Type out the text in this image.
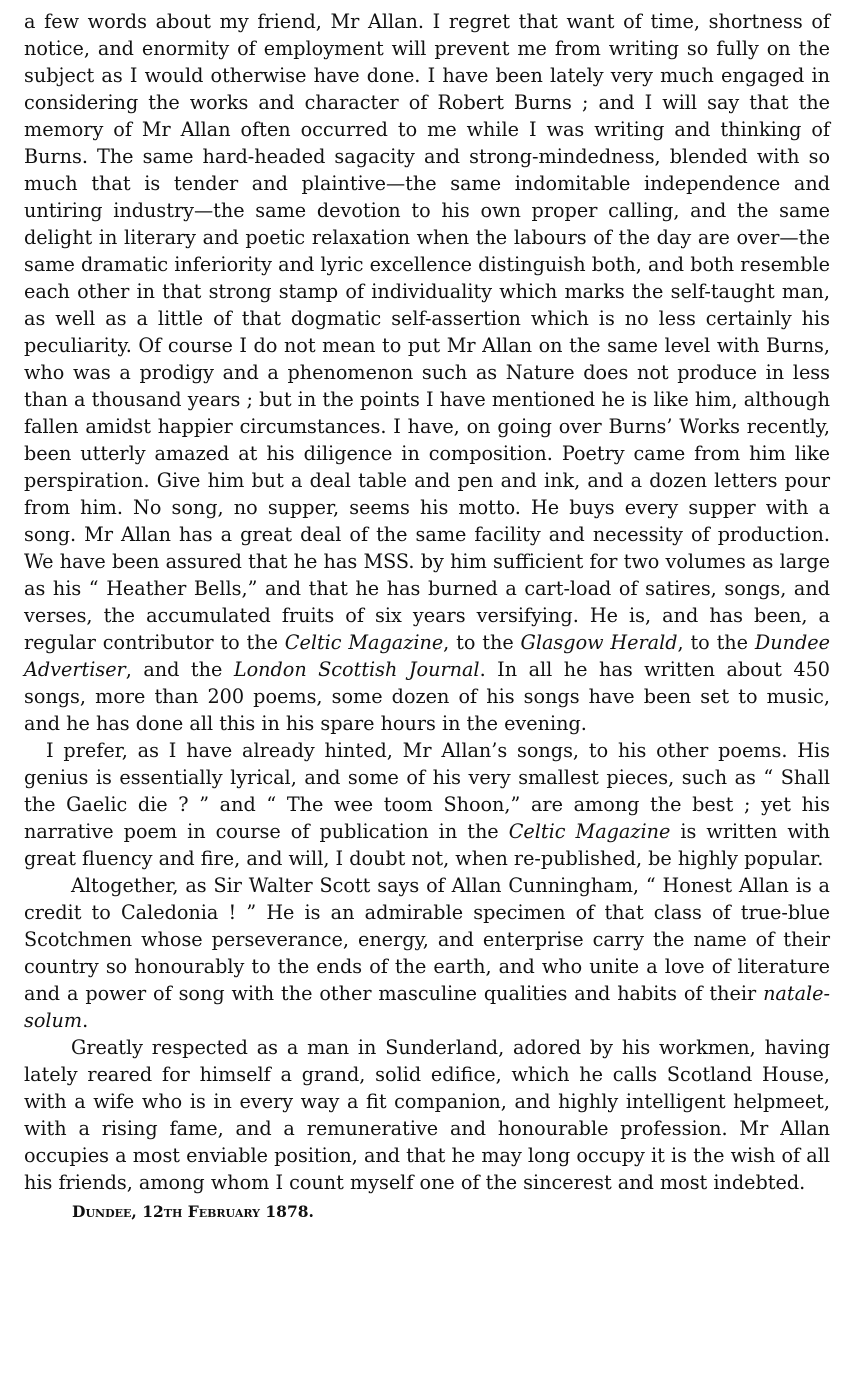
a few words about my friend, Mr Allan. I regret that want of time, shortness of notice, and enormity of employment will prevent me from writing so fully on the subject as I would otherwise have done. I have been lately very much engaged in considering the works and character of Robert Burns ; and I will say that the memory of Mr Allan often occurred to me while I was writing and thinking of Burns. The same hard-headed sagacity and strong-mindedness, blended with so much that is tender and plaintive—the same indomitable independence and untiring industry—the same devotion to his own proper calling, and the same delight in literary and poetic relaxation when the labours of the day are over—the same dramatic inferiority and lyric excellence distinguish both, and both resemble each other in that strong stamp of individuality which marks the self-taught man, as well as a little of that dogmatic self-assertion which is no less certainly his peculiarity. Of course I do not mean to put Mr Allan on the same level with Burns, who was a prodigy and a phenomenon such as Nature does not produce in less than a thousand years ; but in the points I have mentioned he is like him, although fallen amidst happier circumstances. I have, on going over Burns’ Works recently, been utterly amazed at his diligence in composition. Poetry came from him like perspiration. Give him but a deal table and pen and ink, and a dozen letters pour from him. No song, no supper, seems his motto. He buys every supper with a song. Mr Allan has a great deal of the same facility and necessity of production. We have been assured that he has MSS. by him sufficient for two volumes as large as his “ Heather Bells,” and that he has burned a cart-load of satires, songs, and verses, the accumulated fruits of six years versifying. He is, and has been, a regular contributor to the Celtic Magazine, to the Glasgow Herald, to the Dundee Advertiser, and the London Scottish Journal. In all he has written about 450 songs, more than 200 poems, some dozen of his songs have been set to music, and he has done all this in his spare hours in the evening.

I prefer, as I have already hinted, Mr Allan’s songs, to his other poems. His genius is essentially lyrical, and some of his very smallest pieces, such as “ Shall the Gaelic die ? ” and “ The wee toom Shoon,” are among the best ; yet his narrative poem in course of publication in the Celtic Magazine is written with great fluency and fire, and will, I doubt not, when re-published, be highly popular.

Altogether, as Sir Walter Scott says of Allan Cunningham, “ Honest Allan is a credit to Caledonia ! ” He is an admirable specimen of that class of true-blue Scotchmen whose perseverance, energy, and enterprise carry the name of their country so honourably to the ends of the earth, and who unite a love of literature and a power of song with the other masculine qualities and habits of their natale-solum.

Greatly respected as a man in Sunderland, adored by his workmen, having lately reared for himself a grand, solid edifice, which he calls Scotland House, with a wife who is in every way a fit companion, and highly intelligent helpmeet, with a rising fame, and a remunerative and honourable profession. Mr Allan occupies a most enviable position, and that he may long occupy it is the wish of all his friends, among whom I count myself one of the sincerest and most indebted.

Dundee, 12th February 1878.
